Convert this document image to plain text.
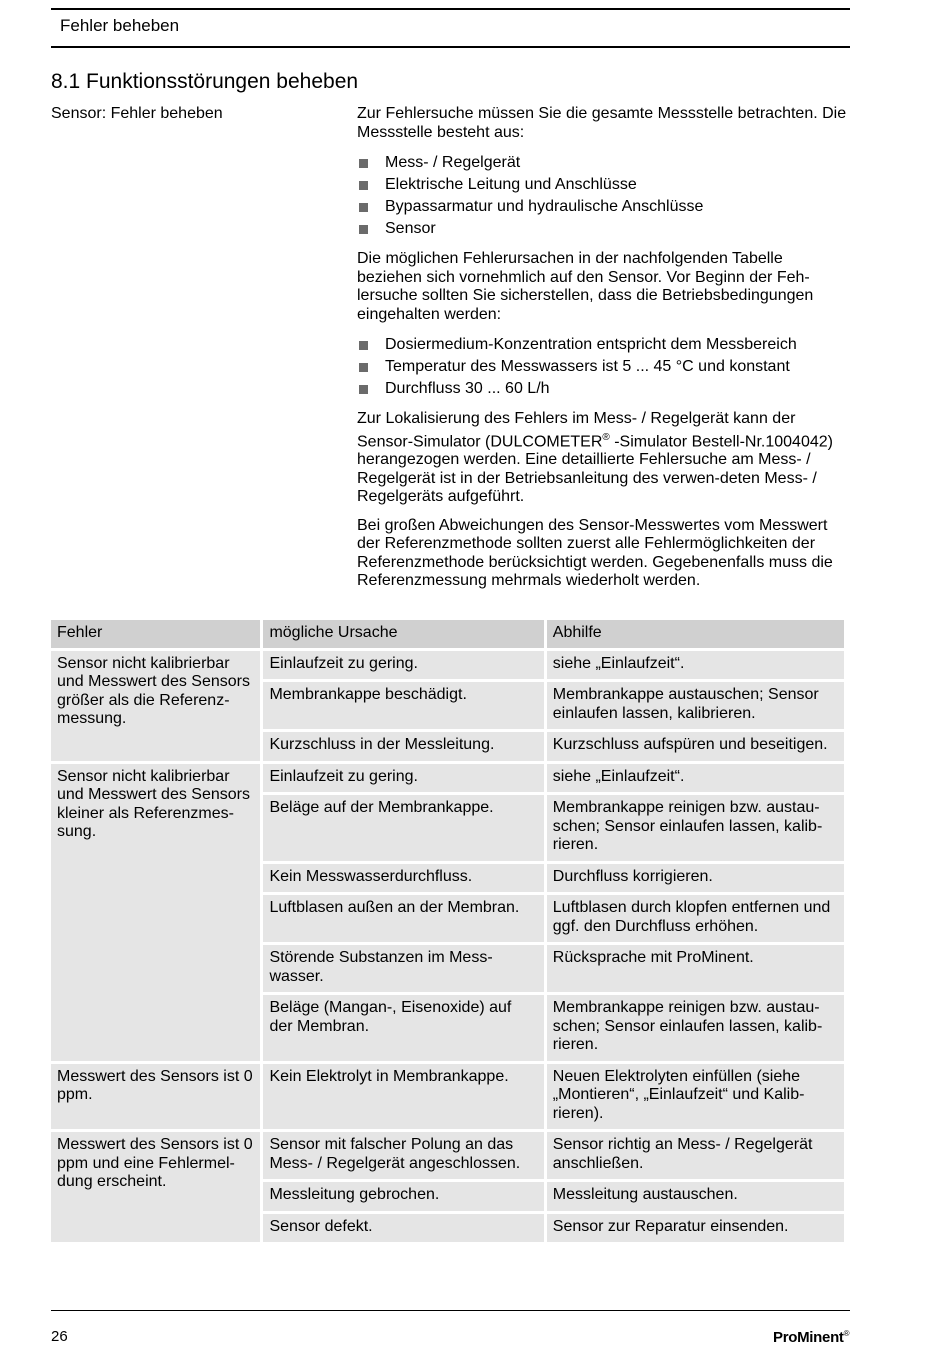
Fehler beheben
8.1 Funktionsstörungen beheben
Sensor: Fehler beheben	Zur Fehlersuche müssen Sie die gesamte Messstelle betrachten. Die Messstelle besteht aus:

Mess- / Regelgerät
Elektrische Leitung und Anschlüsse
Bypassarmatur und hydraulische Anschlüsse
Sensor

Die möglichen Fehlerursachen in der nachfolgenden Tabelle beziehen sich vornehmlich auf den Sensor. Vor Beginn der Feh-lersuche sollten Sie sicherstellen, dass die Betriebsbedingungen eingehalten werden:

Dosiermedium-Konzentration entspricht dem Messbereich
Temperatur des Messwassers ist 5 ... 45 °C und konstant
Durchfluss 30 ... 60 L/h

Zur Lokalisierung des Fehlers im Mess- / Regelgerät kann der Sensor-Simulator (DULCOMETER® -Simulator Bestell-Nr.1004042) herangezogen werden. Eine detaillierte Fehlersuche am Mess- / Regelgerät ist in der Betriebsanleitung des verwen-deten Mess- / Regelgeräts aufgeführt.

Bei großen Abweichungen des Sensor-Messwertes vom Messwert der Referenzmethode sollten zuerst alle Fehlermöglichkeiten der Referenzmethode berücksichtigt werden. Gegebenenfalls muss die Referenzmessung mehrmals wiederholt werden.

Fehler	mögliche Ursache	Abhilfe
Sensor nicht kalibrierbar und Messwert des Sensors größer als die Referenz-messung.	Einlaufzeit zu gering.	siehe „Einlaufzeit“.
	Membrankappe beschädigt.	Membrankappe austauschen; Sensor einlaufen lassen, kalibrieren.
	Kurzschluss in der Messleitung.	Kurzschluss aufspüren und beseitigen.
Sensor nicht kalibrierbar und Messwert des Sensors kleiner als Referenzmes-sung.	Einlaufzeit zu gering.	siehe „Einlaufzeit“.
	Beläge auf der Membrankappe.	Membrankappe reinigen bzw. austau-schen; Sensor einlaufen lassen, kalib-rieren.
	Kein Messwasserdurchfluss.	Durchfluss korrigieren.
	Luftblasen außen an der Membran.	Luftblasen durch klopfen entfernen und ggf. den Durchfluss erhöhen.
	Störende Substanzen im Mess-wasser.	Rücksprache mit ProMinent.
	Beläge (Mangan-, Eisenoxide) auf der Membran.	Membrankappe reinigen bzw. austau-schen; Sensor einlaufen lassen, kalib-rieren.
Messwert des Sensors ist 0 ppm.	Kein Elektrolyt in Membrankappe.	Neuen Elektrolyten einfüllen (siehe „Montieren“, „Einlaufzeit“ und Kalib-rieren).
Messwert des Sensors ist 0 ppm und eine Fehlermel-dung erscheint.	Sensor mit falscher Polung an das Mess- / Regelgerät angeschlossen.	Sensor richtig an Mess- / Regelgerät anschließen.
	Messleitung gebrochen.	Messleitung austauschen.
	Sensor defekt.	Sensor zur Reparatur einsenden.
26	ProMinent®
